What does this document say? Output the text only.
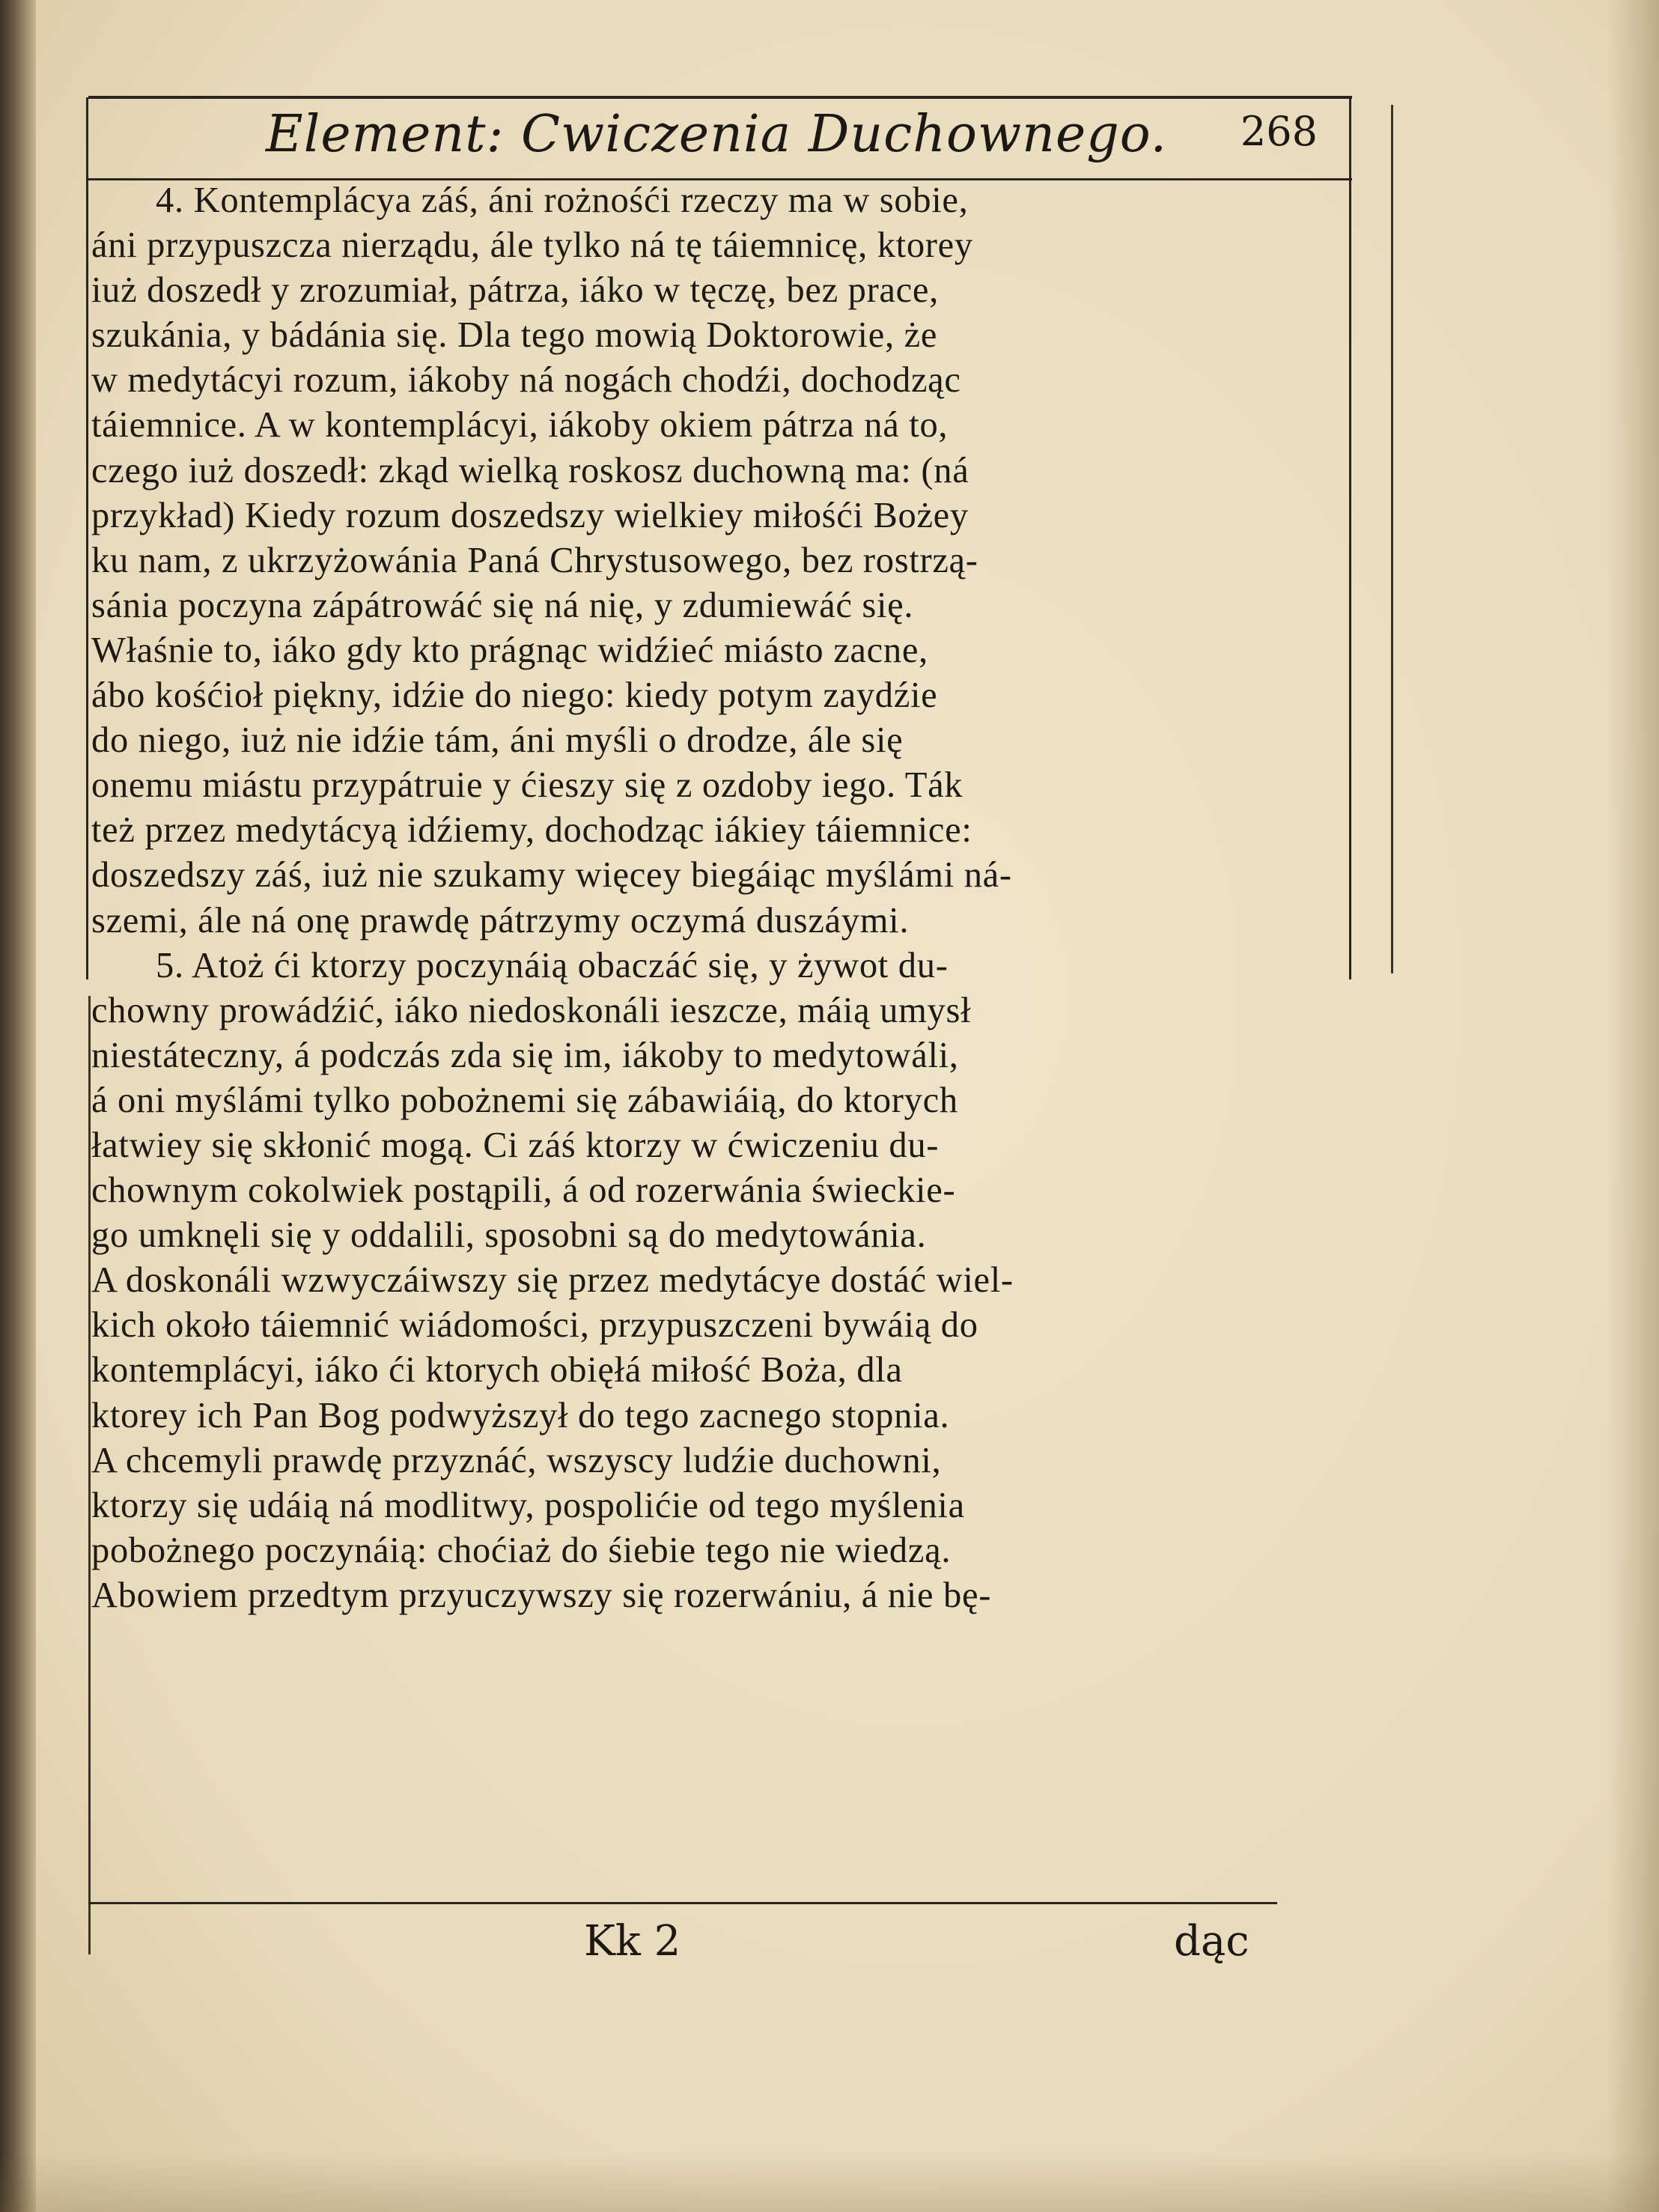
Element: Cwiczenia Duchownego. 268
4. Kontemplácya záś, áni rożnośći rzeczy ma w sobie,
áni przypuszcza nierządu, ále tylko ná tę táiemnicę, ktorey
iuż doszedł y zrozumiał, pátrza, iáko w tęczę, bez prace,
szukánia, y bádánia się. Dla tego mowią Doktorowie, że
w medytácyi rozum, iákoby ná nogách chodźi, dochodząc
táiemnice. A w kontemplácyi, iákoby okiem pátrza ná to,
czego iuż doszedł: zkąd wielką roskosz duchowną ma: (ná
przykład) Kiedy rozum doszedszy wielkiey miłośći Bożey
ku nam, z ukrzyżowánia Paná Chrystusowego, bez rostrzą-
sánia poczyna zápátrowáć się ná nię, y zdumiewáć się.
Właśnie to, iáko gdy kto prágnąc widźieć miásto zacne,
ábo kośćioł piękny, idźie do niego: kiedy potym zaydźie
do niego, iuż nie idźie tám, áni myśli o drodze, ále się
onemu miástu przypátruie y ćieszy się z ozdoby iego. Ták
też przez medytácyą idźiemy, dochodząc iákiey táiemnice:
doszedszy záś, iuż nie szukamy więcey biegáiąc myślámi ná-
szemi, ále ná onę prawdę pátrzymy oczymá duszáymi.
5. Atoż ći ktorzy poczynáią obaczáć się, y żywot du-
chowny prowádźić, iáko niedoskonáli ieszcze, máią umysł
niestáteczny, á podczás zda się im, iákoby to medytowáli,
á oni myślámi tylko pobożnemi się zábawiáią, do ktorych
łatwiey się skłonić mogą. Ci záś ktorzy w ćwiczeniu du-
chownym cokolwiek postąpili, á od rozerwánia świeckie-
go umknęli się y oddalili, sposobni są do medytowánia.
A doskonáli wzwyczáiwszy się przez medytácye dostáć wiel-
kich około táiemnić wiádomości, przypuszczeni bywáią do
kontemplácyi, iáko ći ktorych obięłá miłość Boża, dla
ktorey ich Pan Bog podwyższył do tego zacnego stopnia.
A chcemyli prawdę przyznáć, wszyscy ludźie duchowni,
ktorzy się udáią ná modlitwy, pospolićie od tego myślenia
pobożnego poczynáią: choćiaż do śiebie tego nie wiedzą.
Abowiem przedtym przyuczywszy się rozerwániu, á nie bę-
Kk 2	dąc
